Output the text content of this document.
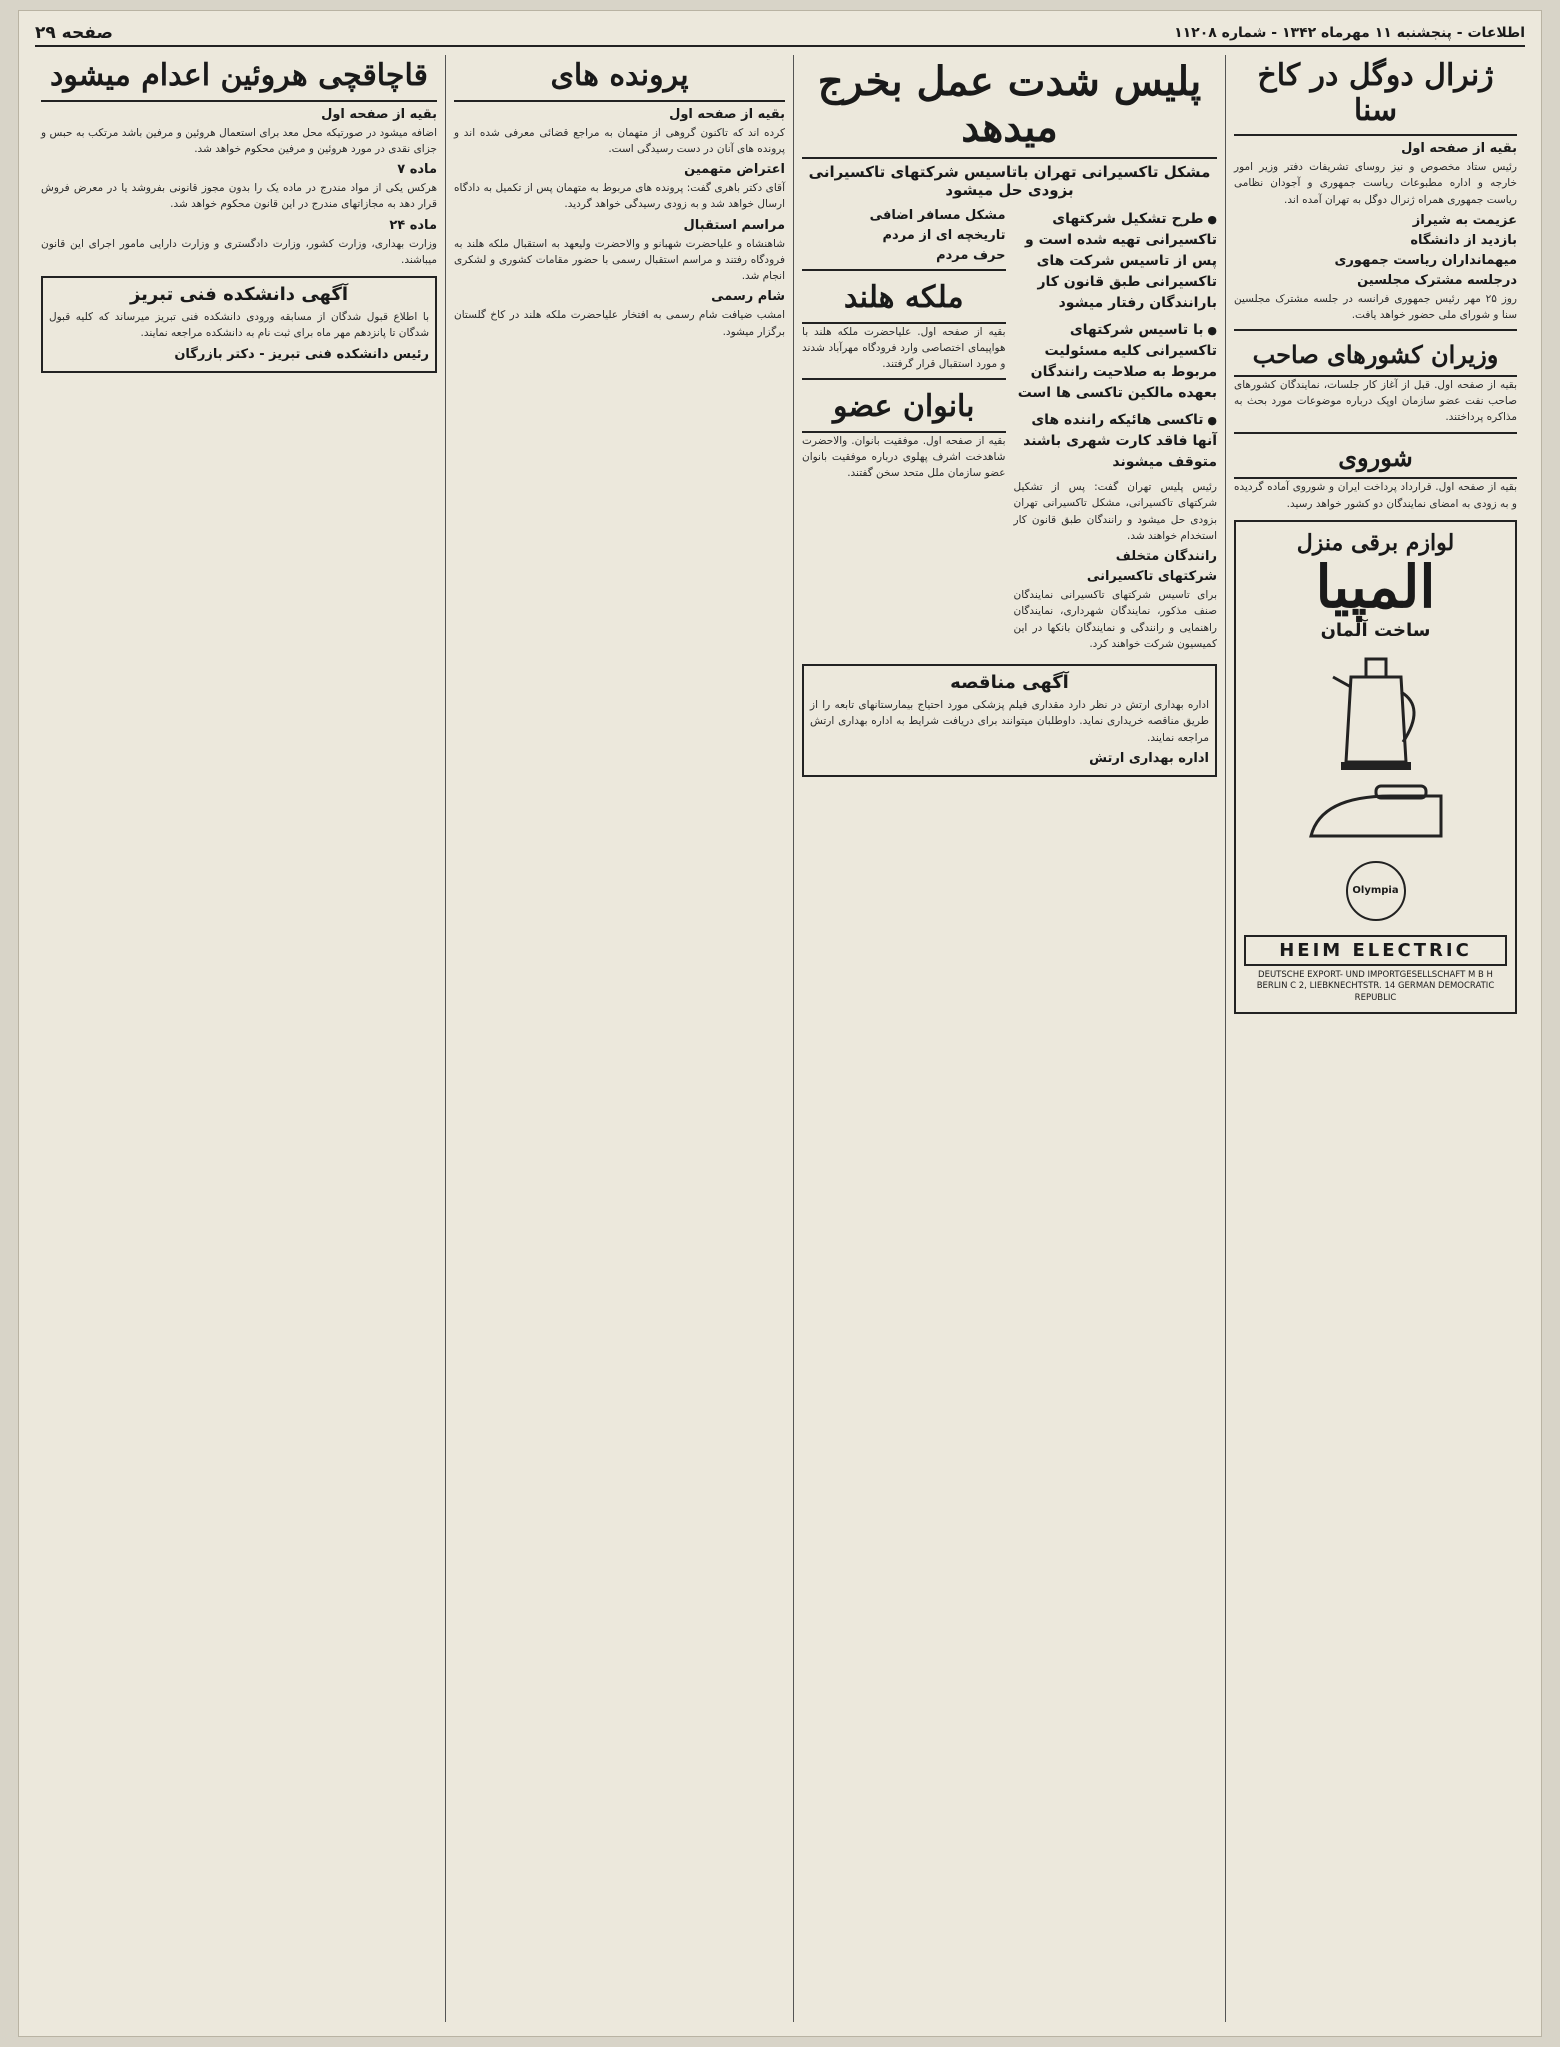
صفحه ۲۹	اطلاعات - پنجشنبه ۱۱ مهرماه ۱۳۴۲ - شماره ۱۱۲۰۸
ژنرال دوگل در کاخ سنا
بقیه از صفحه اول

رئیس ستاد مخصوص و نیز روسای تشریفات دفتر وزیر امور خارجه و اداره مطبوعات ریاست جمهوری و آجودان نظامی ریاست جمهوری همراه ژنرال دوگل به تهران آمده اند.

عزیمت به شیراز
بازدید از دانشگاه
میهمانداران ریاست جمهوری
درجلسه مشترک مجلسین

روز ۲۵ مهر رئیس جمهوری فرانسه در جلسه مشترک مجلسین سنا و شورای ملی حضور خواهد یافت.

وزیران کشورهای صاحب

بقیه از صفحه اول. قبل از آغاز کار جلسات، نمایندگان کشورهای صاحب نفت عضو سازمان اوپک درباره موضوعات مورد بحث به مذاکره پرداختند.

شوروی

بقیه از صفحه اول. قرارداد پرداخت ایران و شوروی آماده گردیده و به زودی به امضای نمایندگان دو کشور خواهد رسید.

لوازم برقی منزل
المپیا
ساخت آلمان

Olympia
HEIM ELECTRIC
DEUTSCHE EXPORT- UND IMPORTGESELLSCHAFT M B H BERLIN C 2, LIEBKNECHTSTR. 14 GERMAN DEMOCRATIC REPUBLIC
پلیس شدت عمل بخرج میدهد
مشکل تاکسیرانی تهران باتاسیس شرکتهای تاکسیرانی بزودی حل میشود
● طرح تشکیل شرکتهای تاکسیرانی تهیه شده است و پس از تاسیس شرکت های تاکسیرانی طبق قانون کار بارانندگان رفتار میشود
● با تاسیس شرکتهای تاکسیرانی کلیه مسئولیت مربوط به صلاحیت رانندگان بعهده مالکین تاکسی ها است
● تاکسی هائیکه راننده های آنها فاقد کارت شهری باشند متوقف میشوند

رئیس پلیس تهران گفت: پس از تشکیل شرکتهای تاکسیرانی، مشکل تاکسیرانی تهران بزودی حل میشود و رانندگان طبق قانون کار استخدام خواهند شد.

رانندگان متخلف
شرکتهای تاکسیرانی

برای تاسیس شرکتهای تاکسیرانی نمایندگان صنف مذکور، نمایندگان شهرداری، نمایندگان راهنمایی و رانندگی و نمایندگان بانکها در این کمیسیون شرکت خواهند کرد.

مشکل مسافر اضافی
تاریخچه ای از مردم
حرف مردم
ملکه هلند

بقیه از صفحه اول. علیاحضرت ملکه هلند با هواپیمای اختصاصی وارد فرودگاه مهرآباد شدند و مورد استقبال قرار گرفتند.

بانوان عضو

بقیه از صفحه اول. موفقیت بانوان. والاحضرت شاهدخت اشرف پهلوی درباره موفقیت بانوان عضو سازمان ملل متحد سخن گفتند.

آگهی مناقصه

اداره بهداری ارتش در نظر دارد مقداری فیلم پزشکی مورد احتیاج بیمارستانهای تابعه را از طریق مناقصه خریداری نماید. داوطلبان میتوانند برای دریافت شرایط به اداره بهداری ارتش مراجعه نمایند.

اداره بهداری ارتش
پرونده های
بقیه از صفحه اول

کرده اند که تاکنون گروهی از متهمان به مراجع قضائی معرفی شده اند و پرونده های آنان در دست رسیدگی است.

اعتراض متهمین

آقای دکتر باهری گفت: پرونده های مربوط به متهمان پس از تکمیل به دادگاه ارسال خواهد شد و به زودی رسیدگی خواهد گردید.

مراسم استقبال

شاهنشاه و علیاحضرت شهبانو و والاحضرت ولیعهد به استقبال ملکه هلند به فرودگاه رفتند و مراسم استقبال رسمی با حضور مقامات کشوری و لشکری انجام شد.

شام رسمی

امشب ضیافت شام رسمی به افتخار علیاحضرت ملکه هلند در کاخ گلستان برگزار میشود.

قاچاقچی هروئین اعدام میشود
بقیه از صفحه اول

اضافه میشود در صورتیکه محل معد برای استعمال هروئین و مرفین باشد مرتکب به حبس و جزای نقدی در مورد هروئین و مرفین محکوم خواهد شد.

ماده ۷

هرکس یکی از مواد مندرج در ماده یک را بدون مجوز قانونی بفروشد یا در معرض فروش قرار دهد به مجازاتهای مندرج در این قانون محکوم خواهد شد.

ماده ۲۴

وزارت بهداری، وزارت کشور، وزارت دادگستری و وزارت دارایی مامور اجرای این قانون میباشند.

آگهی دانشکده فنی تبریز

با اطلاع قبول شدگان از مسابقه ورودی دانشکده فنی تبریز میرساند که کلیه قبول شدگان تا پانزدهم مهر ماه برای ثبت نام به دانشکده مراجعه نمایند.

رئیس دانشکده فنی تبریز - دکتر بازرگان
